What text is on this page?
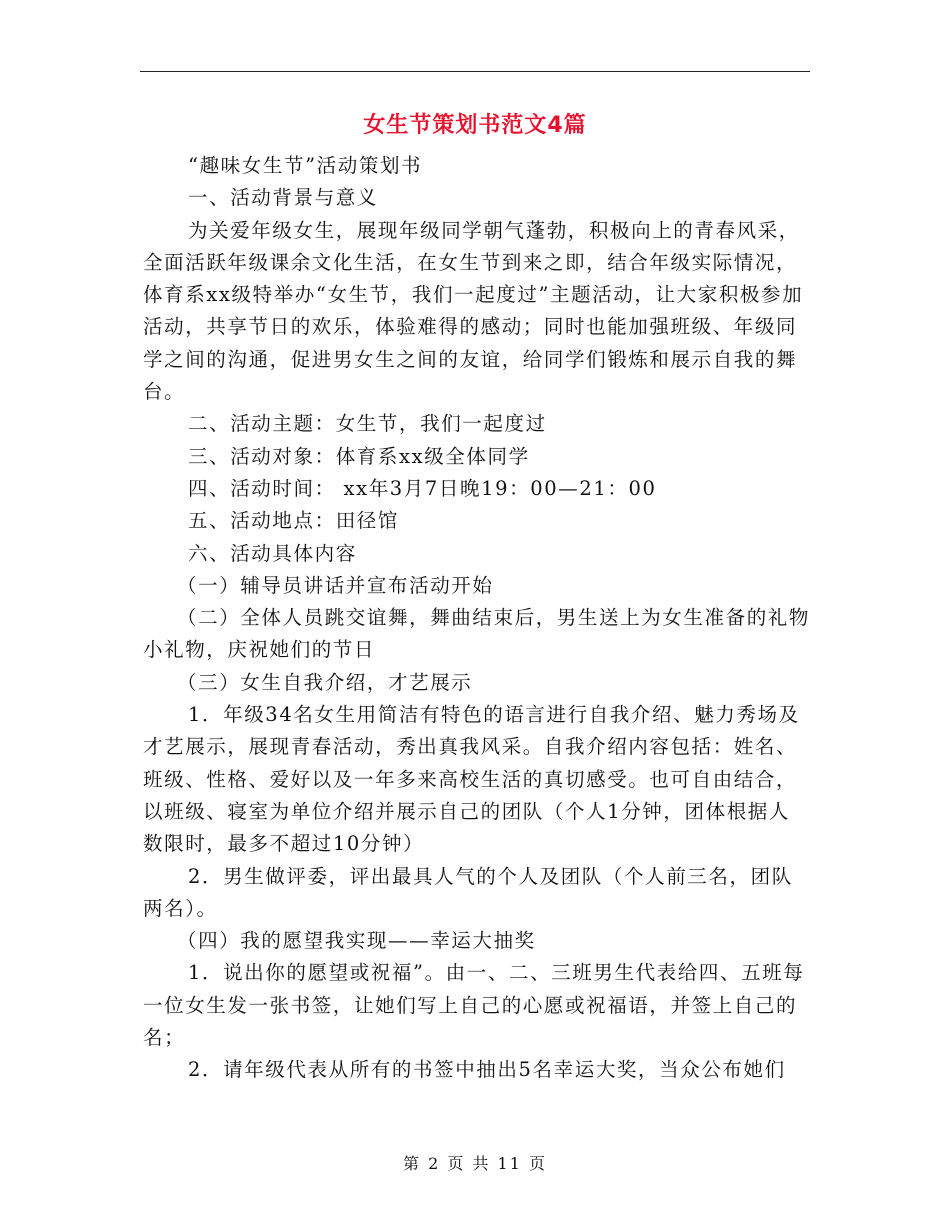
女生节策划书范文4篇

“趣味女生节”活动策划书

一、活动背景与意义

为关爱年级女生，展现年级同学朝气蓬勃，积极向上的青春风采，全面活跃年级课余文化生活，在女生节到来之即，结合年级实际情况，体育系xx级特举办“女生节，我们一起度过”主题活动，让大家积极参加活动，共享节日的欢乐，体验难得的感动；同时也能加强班级、年级同学之间的沟通，促进男女生之间的友谊，给同学们锻炼和展示自我的舞台。

二、活动主题：女生节，我们一起度过

三、活动对象：体育系xx级全体同学

四、活动时间： xx年3月7日晚19：00—21：00

五、活动地点：田径馆

六、活动具体内容

（一）辅导员讲话并宣布活动开始

（二）全体人员跳交谊舞，舞曲结束后，男生送上为女生准备的礼物小礼物，庆祝她们的节日

（三）女生自我介绍，才艺展示

1．年级34名女生用简洁有特色的语言进行自我介绍、魅力秀场及才艺展示，展现青春活动，秀出真我风采。自我介绍内容包括：姓名、班级、性格、爱好以及一年多来高校生活的真切感受。也可自由结合，以班级、寝室为单位介绍并展示自己的团队（个人1分钟，团体根据人数限时，最多不超过10分钟）

2．男生做评委，评出最具人气的个人及团队（个人前三名，团队两名）。

（四）我的愿望我实现——幸运大抽奖

1．说出你的愿望或祝福”。由一、二、三班男生代表给四、五班每一位女生发一张书签，让她们写上自己的心愿或祝福语，并签上自己的名；

2．请年级代表从所有的书签中抽出5名幸运大奖，当众公布她们

第 2 页 共 11 页
